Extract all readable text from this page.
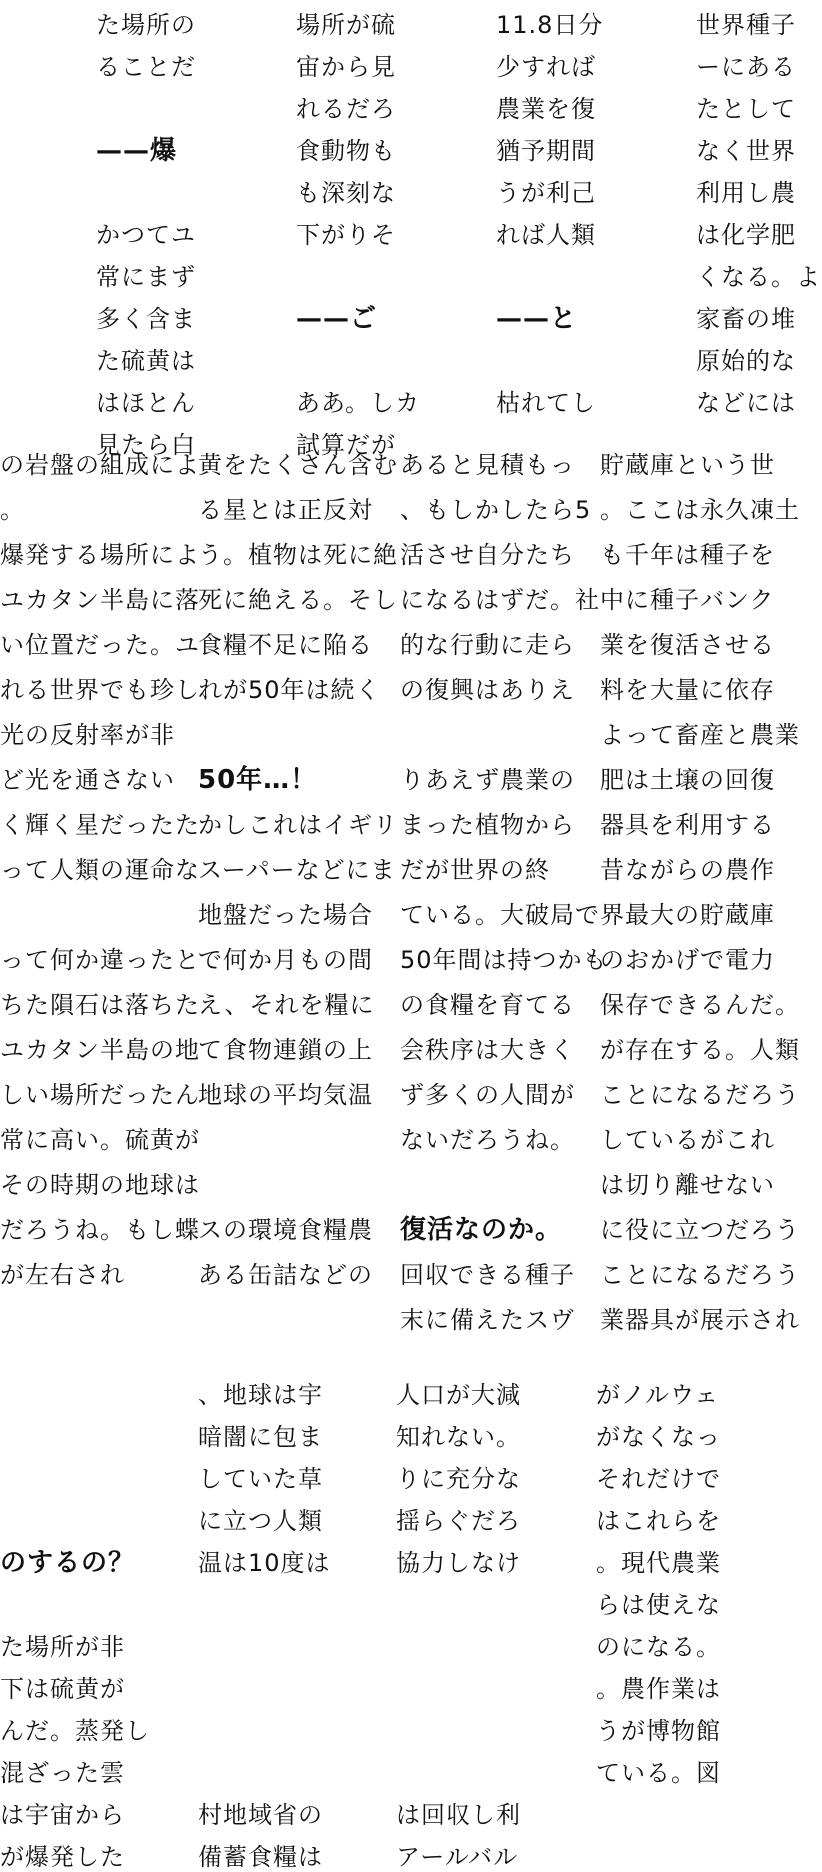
た場所の
ることだ
——爆
かつてユ
常にまず
多く含ま
た硫黄は
はほとん
見たら白
場所が硫
宙から見
れるだろ
食動物も
も深刻な
下がりそ
——ご
ああ。しカ
試算だが
11.8日分
少すれば
農業を復
猶予期間
うが利己
れば人類
——と
枯れてし
世界種子
ーにある
たとして
なく世界
利用し農
は化学肥
くなる。よ
家畜の堆
原始的な
などには
の岩盤の組成によ
。
爆発する場所によ
ユカタン半島に落
い位置だった。ユ
れる世界でも珍し
光の反射率が非
ど光を通さない
く輝く星だったた
って人類の運命な
って何か違ったと
ちた隕石は落ちた
ユカタン半島の地
しい場所だったん
常に高い。硫黄が
その時期の地球は
だろうね。もし蝶
が左右され
黄をたくさん含む
る星とは正反対
う。植物は死に絶
死に絶える。そし
食糧不足に陥る
れが50年は続く
50年…！
かしこれはイギリ
スーパーなどにま
地盤だった場合
で何か月もの間
え、それを糧に
て食物連鎖の上
地球の平均気温
スの環境食糧農
ある缶詰などの
あると見積もっ
、もしかしたら5
活させ自分たち
になるはずだ。社
的な行動に走ら
の復興はありえ
りあえず農業の
まった植物から
だが世界の終
ている。大破局で
50年間は持つかも
の食糧を育てる
会秩序は大きく
ず多くの人間が
ないだろうね。
復活なのか。
回収できる種子
末に備えたスヴ
貯蔵庫という世
。ここは永久凍土
も千年は種子を
中に種子バンク
業を復活させる
料を大量に依存
よって畜産と農業
肥は土壌の回復
器具を利用する
昔ながらの農作
界最大の貯蔵庫
のおかげで電力
保存できるんだ。
が存在する。人類
ことになるだろう
しているがこれ
は切り離せない
に役に立つだろう
ことになるだろう
業器具が展示され
のするの？
た場所が非
下は硫黄が
んだ。蒸発し
混ざった雲
は宇宙から
が爆発した
、地球は宇
暗闇に包ま
していた草
に立つ人類
温は10度は
村地域省の
備蓄食糧は
人口が大減
知れない。
りに充分な
揺らぐだろ
協力しなけ
は回収し利
アールバル
がノルウェ
がなくなっ
それだけで
はこれらを
。現代農業
らは使えな
のになる。
。農作業は
うが博物館
ている。図
